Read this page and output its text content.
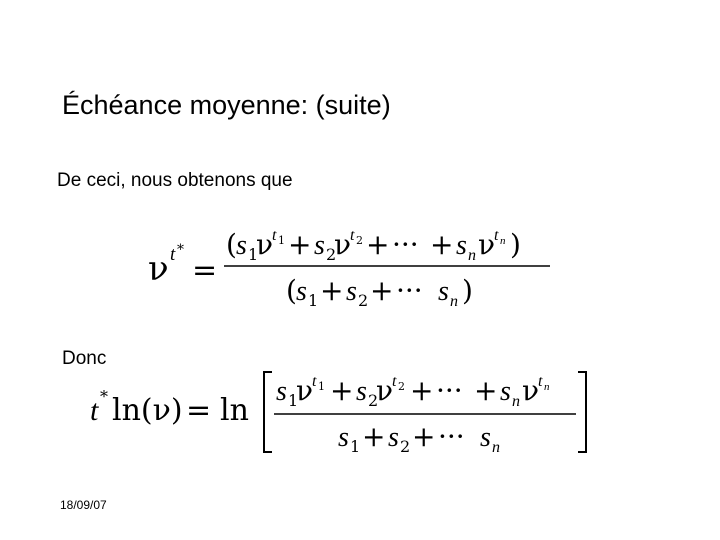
Échéance moyenne: (suite)
De ceci, nous obtenons que
ν t *
=
( s 1
ν
t 1 + s 2
ν
t 2 + ··· + s n ν
t n )
( s 1 + s 2 + ··· s n )
Donc
t * ln(ν) = ln
s 1
ν
t 1 + s 2
ν
t 2 + ··· + s n ν
t n
s 1 + s 2 + ··· s n
18/09/07
